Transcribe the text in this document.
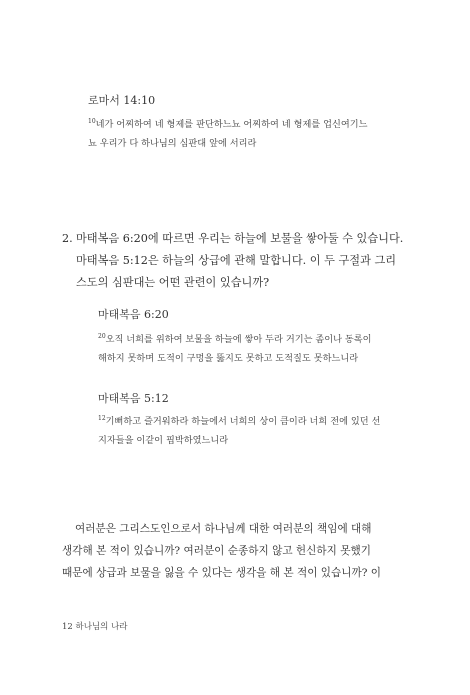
로마서 14:10
$^{10}$네가 어찌하여 네 형제를 판단하느뇨 어찌하여 네 형제를 업신여기느
뇨 우리가 다 하나님의 심판대 앞에 서리라
2. 마태복음 6:20에 따르면 우리는 하늘에 보물을 쌓아둘 수 있습니다.
마태복음 5:12은 하늘의 상급에 관해 말합니다. 이 두 구절과 그리
스도의 심판대는 어떤 관련이 있습니까?
마태복음 6:20
$^{20}$오직 너희를 위하여 보물을 하늘에 쌓아 두라 거기는 좀이나 동록이
해하지 못하며 도적이 구멍을 뚫지도 못하고 도적질도 못하느니라
마태복음 5:12
$^{12}$기뻐하고 즐거워하라 하늘에서 너희의 상이 큼이라 너희 전에 있던 선
지자들을 이같이 핍박하였느니라
여러분은 그리스도인으로서 하나님께 대한 여러분의 책임에 대해
생각해 본 적이 있습니까? 여러분이 순종하지 않고 헌신하지 못했기
때문에 상급과 보물을 잃을 수 있다는 생각을 해 본 적이 있습니까? 이
12 하나님의 나라
